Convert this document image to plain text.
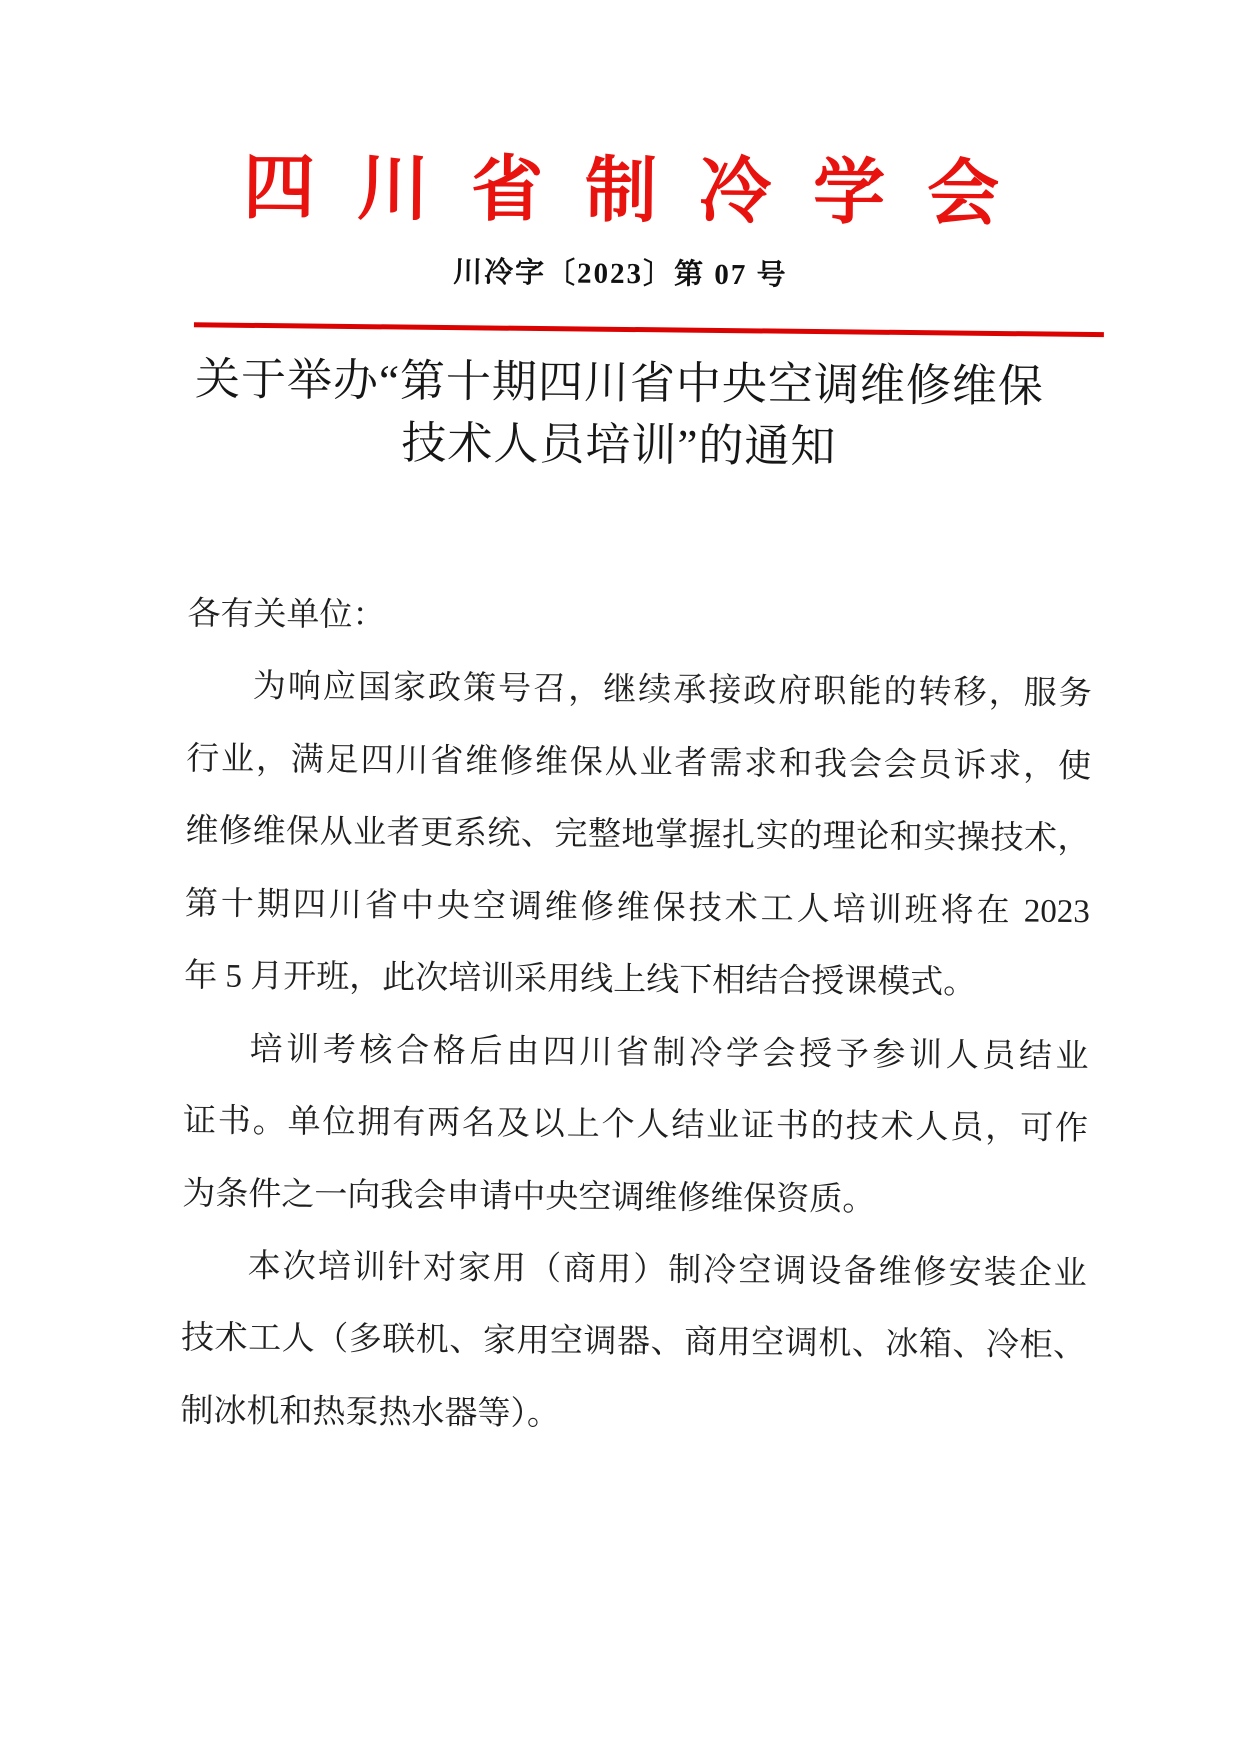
四川省制冷学会
川冷字〔2023〕第 07 号
关于举办“第十期四川省中央空调维修维保
技术人员培训”的通知
各有关单位：
为响应国家政策号召，继续承接政府职能的转移，服务
行业，满足四川省维修维保从业者需求和我会会员诉求，使
维修维保从业者更系统、完整地掌握扎实的理论和实操技术，
第十期四川省中央空调维修维保技术工人培训班将在 2023
年 5 月开班，此次培训采用线上线下相结合授课模式。
培训考核合格后由四川省制冷学会授予参训人员结业
证书。单位拥有两名及以上个人结业证书的技术人员，可作
为条件之一向我会申请中央空调维修维保资质。
本次培训针对家用（商用）制冷空调设备维修安装企业
技术工人（多联机、家用空调器、商用空调机、冰箱、冷柜、
制冰机和热泵热水器等）。
